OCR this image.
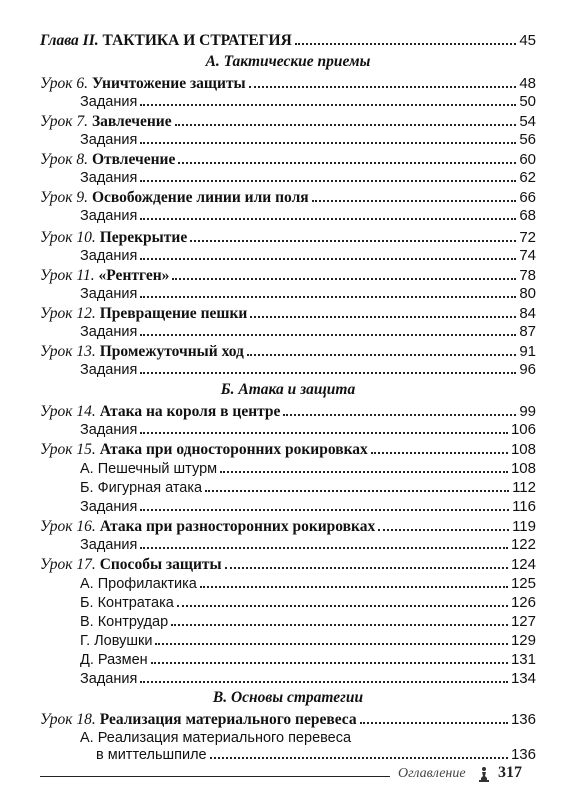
Глава II. ТАКТИКА И СТРАТЕГИЯ	45
А. Тактические приемы
Урок 6. Уничтожение защиты	48
Задания	50
Урок 7. Завлечение	54
Задания	56
Урок 8. Отвлечение	60
Задания	62
Урок 9. Освобождение линии или поля	66
Задания	68
Урок 10. Перекрытие	72
Задания	74
Урок 11. «Рентген»	78
Задания	80
Урок 12. Превращение пешки	84
Задания	87
Урок 13. Промежуточный ход	91
Задания	96
Б. Атака и защита
Урок 14. Атака на короля в центре	99
Задания	106
Урок 15. Атака при односторонних рокировках	108
А. Пешечный штурм	108
Б. Фигурная атака	112
Задания	116
Урок 16. Атака при разносторонних рокировках	119
Задания	122
Урок 17. Способы защиты	124
А. Профилактика	125
Б. Контратака	126
В. Контрудар	127
Г. Ловушки	129
Д. Размен	131
Задания	134
В. Основы стратегии
Урок 18. Реализация материального перевеса	136
А. Реализация материального перевеса
в миттельшпиле	136
Оглавление 317
